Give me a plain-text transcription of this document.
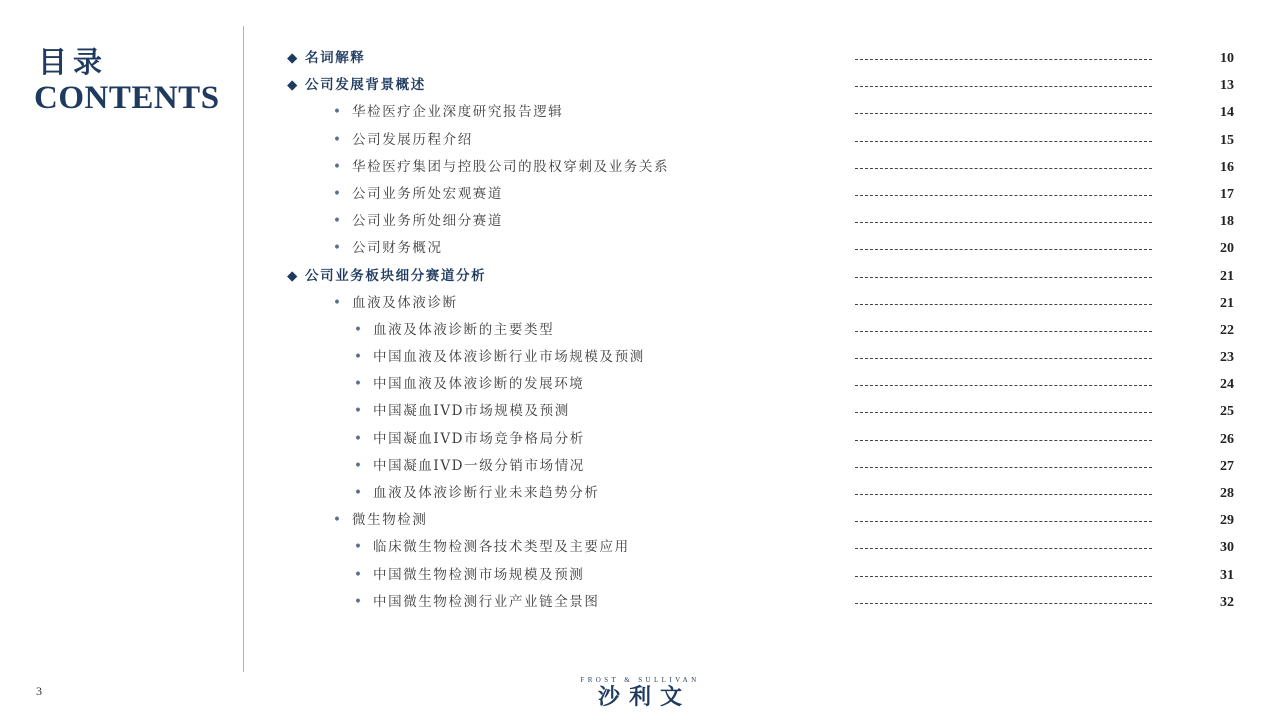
目录
CONTENTS
◆ 名词解释	10
◆ 公司发展背景概述	13
• 华检医疗企业深度研究报告逻辑	14
• 公司发展历程介绍	15
• 华检医疗集团与控股公司的股权穿刺及业务关系	16
• 公司业务所处宏观赛道	17
• 公司业务所处细分赛道	18
• 公司财务概况	20
◆ 公司业务板块细分赛道分析	21
• 血液及体液诊断	21
• 血液及体液诊断的主要类型	22
• 中国血液及体液诊断行业市场规模及预测	23
• 中国血液及体液诊断的发展环境	24
• 中国凝血IVD市场规模及预测	25
• 中国凝血IVD市场竞争格局分析	26
• 中国凝血IVD一级分销市场情况	27
• 血液及体液诊断行业未来趋势分析	28
• 微生物检测	29
• 临床微生物检测各技术类型及主要应用	30
• 中国微生物检测市场规模及预测	31
• 中国微生物检测行业产业链全景图	32
3
FROST & SULLIVAN
沙利文
